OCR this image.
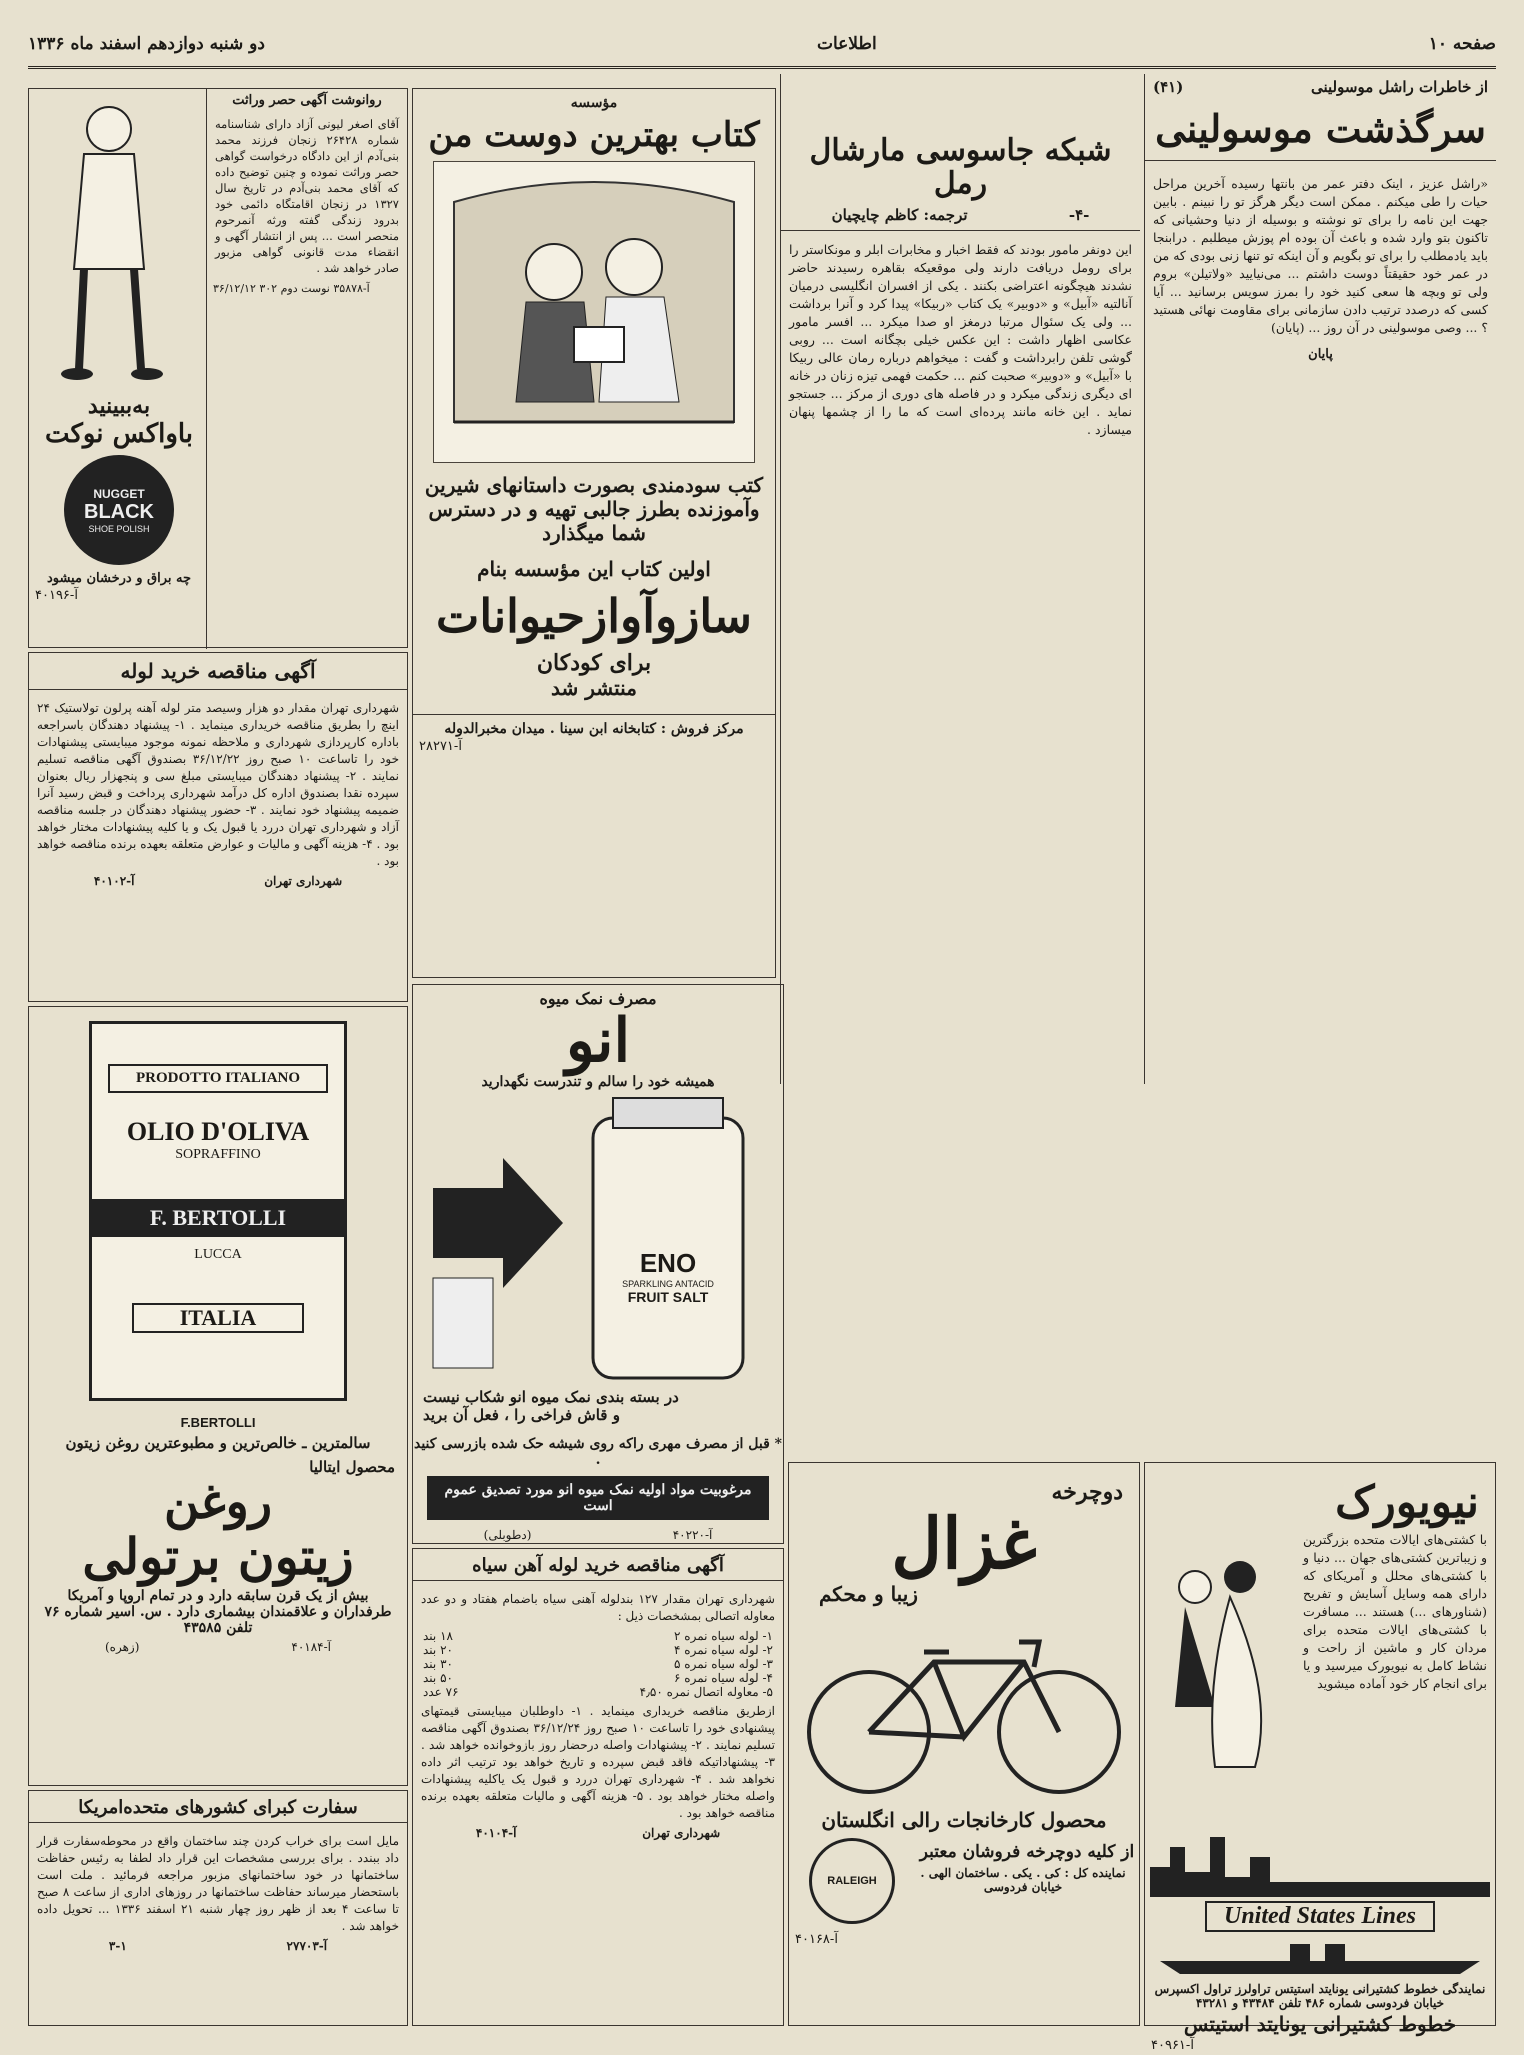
صفحه ۱۰
اطلاعات
دو شنبه دوازدهم اسفند ماه ۱۳۳۶
از خاطرات راشل موسولینی
(۴۱)
سرگذشت موسولینی
«راشل عزیز ، اینک دفتر عمر من بانتها رسیده آخرین مراحل حیات را طی میکنم . ممکن است دیگر هرگز تو را نبینم . بابین جهت این نامه را برای تو نوشته و بوسیله از دنیا وحشیانی که تاکنون بتو وارد شده و باعث آن بوده ام پوزش میطلبم . درابنجا باید یادمطلب را برای تو بگویم و آن اینکه تو تنها زنی بودی که من در عمر خود حقیقتاً دوست داشتم ... می‌نیایید «ولاتیلن» بروم ولی تو وبچه ها سعی کنید خود را بمرز سویس برسانید ... آیا کسی که درصدد ترتیب دادن سازمانی برای مقاومت نهائی هستید ؟ ... وصی موسولینی در آن روز ... (پایان)
پایان
شبکه جاسوسی مارشال رمل
-۴-
ترجمه: کاظم چایچیان
این دونفر مامور بودند که فقط اخبار و مخابرات ابلر و مونکاستر را برای رومل دریافت دارند ولی موقعیکه بقاهره رسیدند حاضر نشدند هیچگونه اعتراضی بکنند . یکی از افسران انگلیسی درمیان آنالتیه «آبیل» و «دوبیر» یک کتاب «ربیکا» پیدا کرد و آنرا برداشت ... ولی یک سئوال مرتبا درمغز او صدا میکرد ... افسر مامور عکاسی اظهار داشت : این عکس خیلی بچگانه است ... روبی گوشی تلفن رابرداشت و گفت : میخواهم درباره رمان عالی ربیکا با «آبیل» و «دوبیر» صحبت کنم ... حکمت فهمی تیزه زنان در خانه ای دیگری زندگی میکرد و در فاصله های دوری از مرکز ... جستجو نماید . این خانه مانند پرده‌ای است که ما را از چشمها پنهان میسازد .
مؤسسه
کتاب بهترین دوست من
کتب سودمندی بصورت داستانهای شیرین
وآموزنده بطرز جالبی تهیه و در دسترس
شما میگذارد
اولین کتاب این مؤسسه بنام
سازوآوازحیوانات
برای کودکان
منتشر شد
مرکز فروش : کتابخانه ابن سینا . میدان مخبرالدوله
آ-۲۸۲۷۱
مصرف نمک میوه
انو
همیشه خود را سالم و تندرست نگهدارید
ENO
SPARKLING ANTACID
FRUIT SALT
در بسته بندی نمک میوه انو شکاب نیست
و قاش فراخی را ، فعل آن برید
* قبل از مصرف مهری راکه روی شیشه حک شده بازرسی کنید .
مرغوبیت مواد اولیه نمک میوه انو مورد تصدیق عموم است
آ-۴۰۲۲۰
(دطوبلی)
روانوشت آگهی حصر وراثت
آقای اصغر لیونی آزاد دارای شناسنامه شماره ۲۶۴۲۸ زنجان فرزند محمد بنی‌آدم از این دادگاه درخواست گواهی حصر وراثت نموده و چنین توضیح داده که آقای محمد بنی‌آدم در تاریخ سال ۱۳۲۷ در زنجان اقامتگاه دائمی خود بدرود زندگی گفته ورثه آنمرحوم منحصر است ... پس از انتشار آگهی و انقضاء مدت قانونی گواهی مزبور صادر خواهد شد .
۳۶/۱۲/۱۲ ۳۰۲ آ-۳۵۸۷۸ نوست دوم
به‌ببینید
باواکس نوکت
NUGGET
BLACK
SHOE POLISH
چه براق و درخشان میشود
آ-۴۰۱۹۶
آگهی مناقصه خرید لوله
شهرداری تهران مقدار دو هزار وسیصد متر لوله آهنه پرلون تولاستیک ۲۴ اینچ را بطریق مناقصه خریداری مینماید . ۱- پیشنهاد دهندگان باسراجعه باداره کارپردازی شهرداری و ملاحظه نمونه موجود میبایستی پیشنهادات خود را تاساعت ۱۰ صبح روز ۳۶/۱۲/۲۲ بصندوق آگهی مناقصه تسلیم نمایند . ۲- پیشنهاد دهندگان میبایستی مبلغ سی و پنجهزار ریال بعنوان سپرده نقدا بصندوق اداره کل درآمد شهرداری پرداخت و قبض رسید آنرا ضمیمه پیشنهاد خود نمایند . ۳- حضور پیشنهاد دهندگان در جلسه مناقصه آزاد و شهرداری تهران دررد یا قبول یک و یا کلیه پیشنهادات مختار خواهد بود . ۴- هزینه آگهی و مالیات و عوارض متعلقه بعهده برنده مناقصه خواهد بود .
شهرداری تهران
آ-۴۰۱۰۲
PRODOTTO ITALIANO
OLIO D'OLIVA
SOPRAFFINO
F. BERTOLLI
LUCCA
ITALIA
F.BERTOLLI
سالمترین ـ خالص‌ترین و مطبوعترین روغن زیتون
محصول ایتالیا
روغن
زیتون برتولی
بیش از یک قرن سابقه دارد و در تمام اروپا و آمریکا طرفداران و علاقمندان بیشماری دارد . س. اسیر شماره ۷۶ تلفن ۴۳۵۸۵
آ-۴۰۱۸۴
(زهره)
سفارت کبرای کشورهای متحده‌امریکا
مایل است برای خراب کردن چند ساختمان واقع در محوطه‌سفارت قرار داد ببندد . برای بررسی مشخصات این قرار داد لطفا به رئیس حفاظت ساختمانها در خود ساختمانهای مزبور مراجعه فرمائید . ملت است باستحضار میرساند حفاظت ساختمانها در روزهای اداری از ساعت ۸ صبح تا ساعت ۴ بعد از ظهر روز چهار شنبه ۲۱ اسفند ۱۳۳۶ ... تحویل داده خواهد شد .
آ-۲۷۷۰۳
۳-۱
آگهی مناقصه خرید لوله آهن سیاه
شهرداری تهران مقدار ۱۲۷ بندلوله آهنی سیاه باضمام هفتاد و دو عدد معاوله اتصالی بمشخصات ذیل :
۱- لوله سیاه نمره ۲
۱۸ بند
۲- لوله سیاه نمره ۴
۲۰ بند
۳- لوله سیاه نمره ۵
۳۰ بند
۴- لوله سیاه نمره ۶
۵۰ بند
۵- معاوله اتصال نمره ۴٫۵۰
۷۶ عدد
ازطریق مناقصه خریداری مینماید . ۱- داوطلبان میبایستی قیمتهای پیشنهادی خود را تاساعت ۱۰ صبح روز ۳۶/۱۲/۲۴ بصندوق آگهی مناقصه تسلیم نمایند . ۲- پیشنهادات واصله درحضار روز بازوخوانده خواهد شد . ۳- پیشنهاداتیکه فاقد قبض سپرده و تاریخ خواهد بود ترتیب اثر داده نخواهد شد . ۴- شهرداری تهران دررد و قبول یک یاکلیه پیشنهادات واصله مختار خواهد بود . ۵- هزینه آگهی و مالیات متعلقه بعهده برنده مناقصه خواهد بود .
شهرداری تهران
آ-۴۰۱۰۴
دوچرخه
غزال
زیبا و محکم
محصول کارخانجات رالی انگلستان
RALEIGH
از کلیه دوچرخه فروشان معتبر
نماینده کل : کی . یکی . ساختمان الهی . خیابان فردوسی
آ-۴۰۱۶۸
نیویورک
با کشتی‌های ایالات متحده‌ بزرگترین و زیباترین کشتی‌های جهان ... دنیا و با کشتی‌های محلل و آمریکای که دارای همه‌ وسایل آسایش و تفریح (شناورهای ...) هستند ... مسافرت با کشتی‌های ایالات متحده برای مردان کار و ماشین‌ از راحت و نشاط کامل به نیویورک میرسید و یا برای انجام کار خود آماده میشوید
United States Lines
نمایندگی خطوط کشتیرانی یونایتد استیتس تراولرز تراول اکسپرس خیابان فردوسی شماره ۴۸۶ تلفن ۴۳۴۸۴ و ۴۳۲۸۱
خطوط کشتیرانی یونایتد استیتس
آ-۴۰۹۶۱
